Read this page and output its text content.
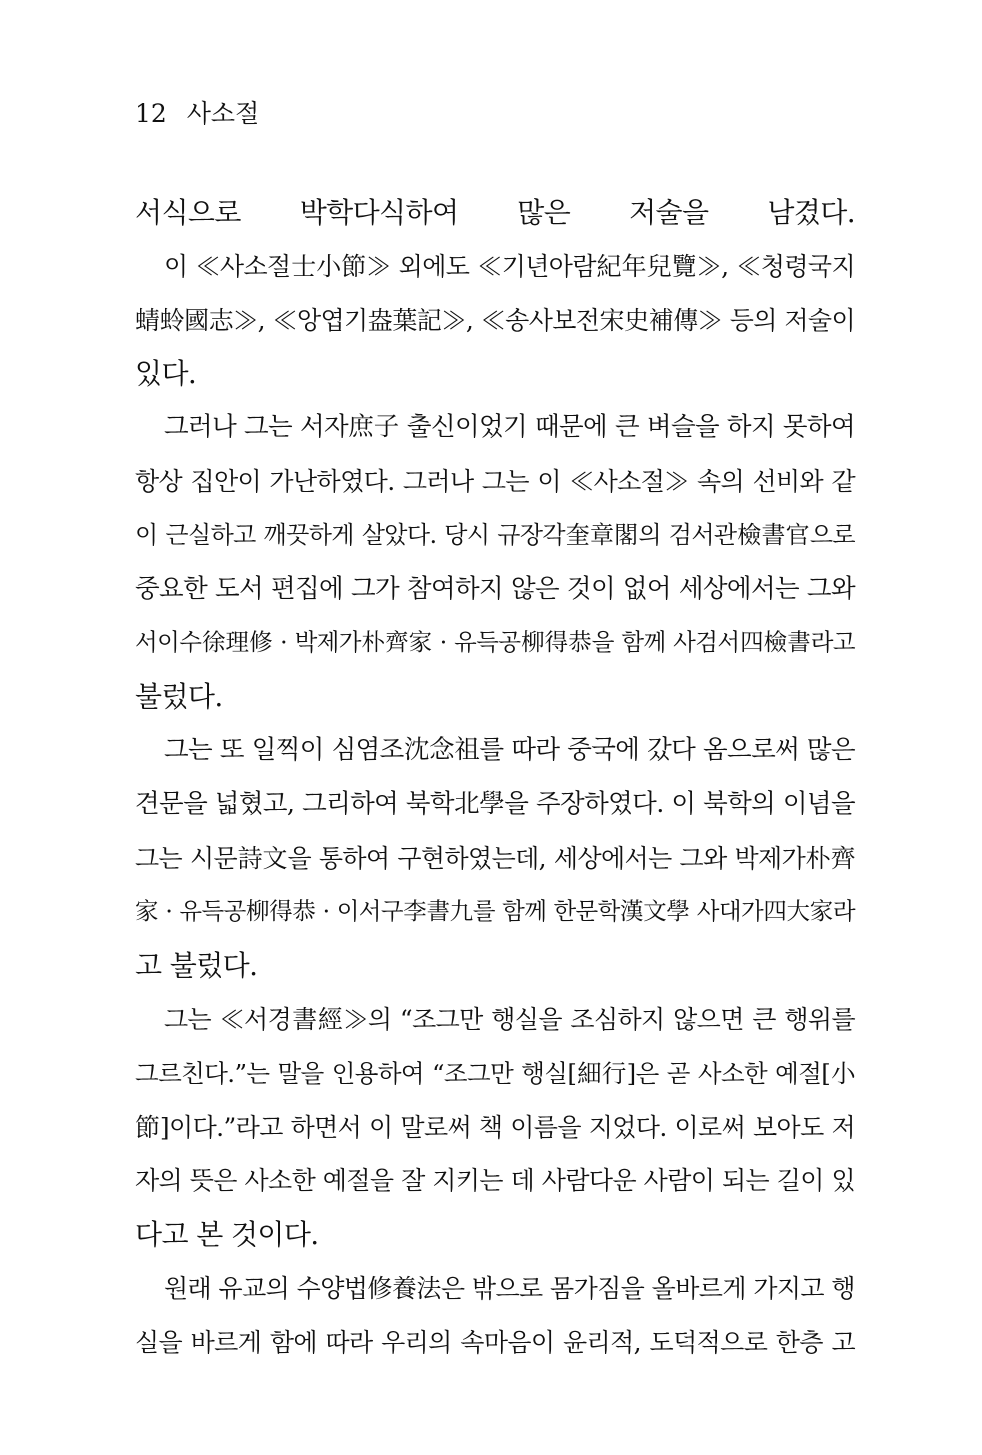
12 사소절
서식으로 박학다식하여 많은 저술을 남겼다.
이 ≪사소절士小節≫ 외에도 ≪기년아람紀年兒覽≫, ≪청령국지
蜻蛉國志≫, ≪앙엽기盎葉記≫, ≪송사보전宋史補傳≫ 등의 저술이
있다.
그러나 그는 서자庶子 출신이었기 때문에 큰 벼슬을 하지 못하여
항상 집안이 가난하였다. 그러나 그는 이 ≪사소절≫ 속의 선비와 같
이 근실하고 깨끗하게 살았다. 당시 규장각奎章閣의 검서관檢書官으로
중요한 도서 편집에 그가 참여하지 않은 것이 없어 세상에서는 그와
서이수徐理修 · 박제가朴齊家 · 유득공柳得恭을 함께 사검서四檢書라고
불렀다.
그는 또 일찍이 심염조沈念祖를 따라 중국에 갔다 옴으로써 많은
견문을 넓혔고, 그리하여 북학北學을 주장하였다. 이 북학의 이념을
그는 시문詩文을 통하여 구현하였는데, 세상에서는 그와 박제가朴齊
家 · 유득공柳得恭 · 이서구李書九를 함께 한문학漢文學 사대가四大家라
고 불렀다.
그는 ≪서경書經≫의 “조그만 행실을 조심하지 않으면 큰 행위를
그르친다.”는 말을 인용하여 “조그만 행실[細行]은 곧 사소한 예절[小
節]이다.”라고 하면서 이 말로써 책 이름을 지었다. 이로써 보아도 저
자의 뜻은 사소한 예절을 잘 지키는 데 사람다운 사람이 되는 길이 있
다고 본 것이다.
원래 유교의 수양법修養法은 밖으로 몸가짐을 올바르게 가지고 행
실을 바르게 함에 따라 우리의 속마음이 윤리적, 도덕적으로 한층 고
